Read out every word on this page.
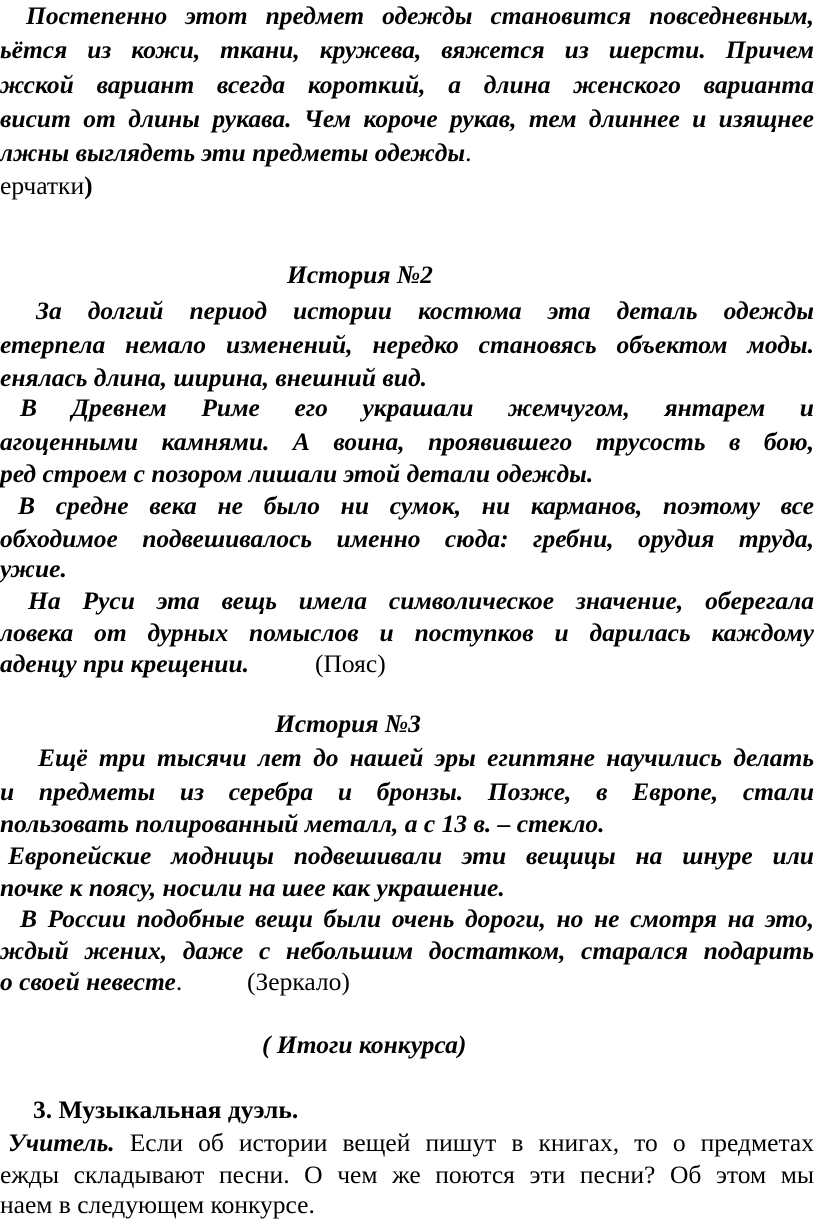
Постепенно этот предмет одежды становится повседневным,
ьётся из кожи, ткани, кружева, вяжется из шерсти. Причем
жской вариант всегда короткий, а длина женского варианта
висит от длины рукава. Чем короче рукав, тем длиннее и изящнее
лжны выглядеть эти предметы одежды.
ерчатки)
История №2
За долгий период истории костюма эта деталь одежды
етерпела немало изменений, нередко становясь объектом моды.
енялась длина, ширина, внешний вид.
В Древнем Риме его украшали жемчугом, янтарем и
агоценными камнями. А воина, проявившего трусость в бою,
ред строем с позором лишали этой детали одежды.
В средне века не было ни сумок, ни карманов, поэтому все
обходимое подвешивалось именно сюда: гребни, орудия труда,
ужие.
На Руси эта вещь имела символическое значение, оберегала
ловека от дурных помыслов и поступков и дарилась каждому
аденцу при крещении.	(Пояс)
История №3
Ещё три тысячи лет до нашей эры египтяне научились делать
и предметы из серебра и бронзы. Позже, в Европе, стали
пользовать полированный металл, а с 13 в. – стекло.
Европейские модницы подвешивали эти вещицы на шнуре или
почке к поясу, носили на шее как украшение.
В России подобные вещи были очень дороги, но не смотря на это,
ждый жених, даже с небольшим достатком, старался подарить
о своей невесте.	(Зеркало)
( Итоги конкурса)
3. Музыкальная дуэль.
Учитель. Если об истории вещей пишут в книгах, то о предметах
ежды складывают песни. О чем же поются эти песни? Об этом мы
наем в следующем конкурсе.
